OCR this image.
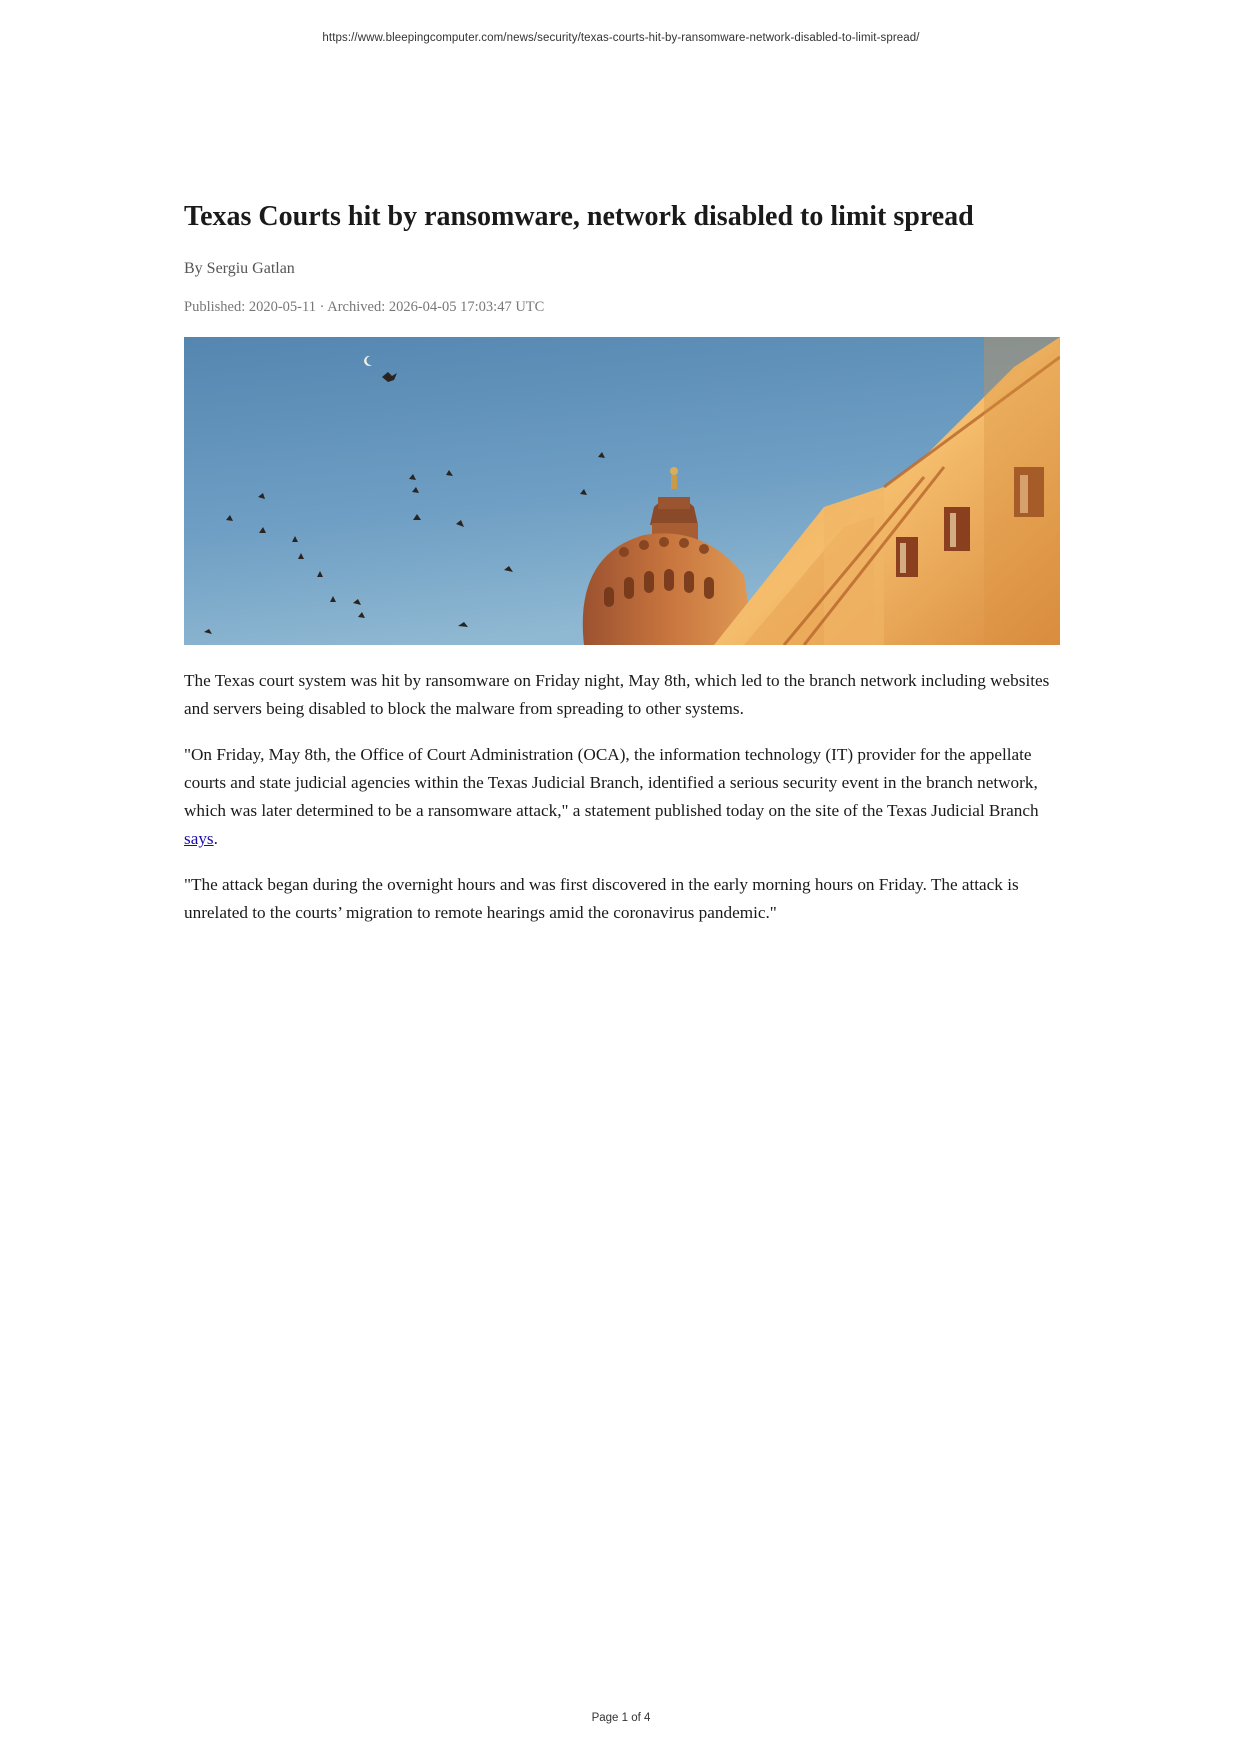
https://www.bleepingcomputer.com/news/security/texas-courts-hit-by-ransomware-network-disabled-to-limit-spread/
Texas Courts hit by ransomware, network disabled to limit spread
By Sergiu Gatlan
Published: 2020-05-11 · Archived: 2026-04-05 17:03:47 UTC

The Texas court system was hit by ransomware on Friday night, May 8th, which led to the branch network including websites and servers being disabled to block the malware from spreading to other systems.

"On Friday, May 8th, the Office of Court Administration (OCA), the information technology (IT) provider for the appellate courts and state judicial agencies within the Texas Judicial Branch, identified a serious security event in the branch network, which was later determined to be a ransomware attack," a statement published today on the site of the Texas Judicial Branch says.

"The attack began during the overnight hours and was first discovered in the early morning hours on Friday. The attack is unrelated to the courts’ migration to remote hearings amid the coronavirus pandemic."

Page 1 of 4
